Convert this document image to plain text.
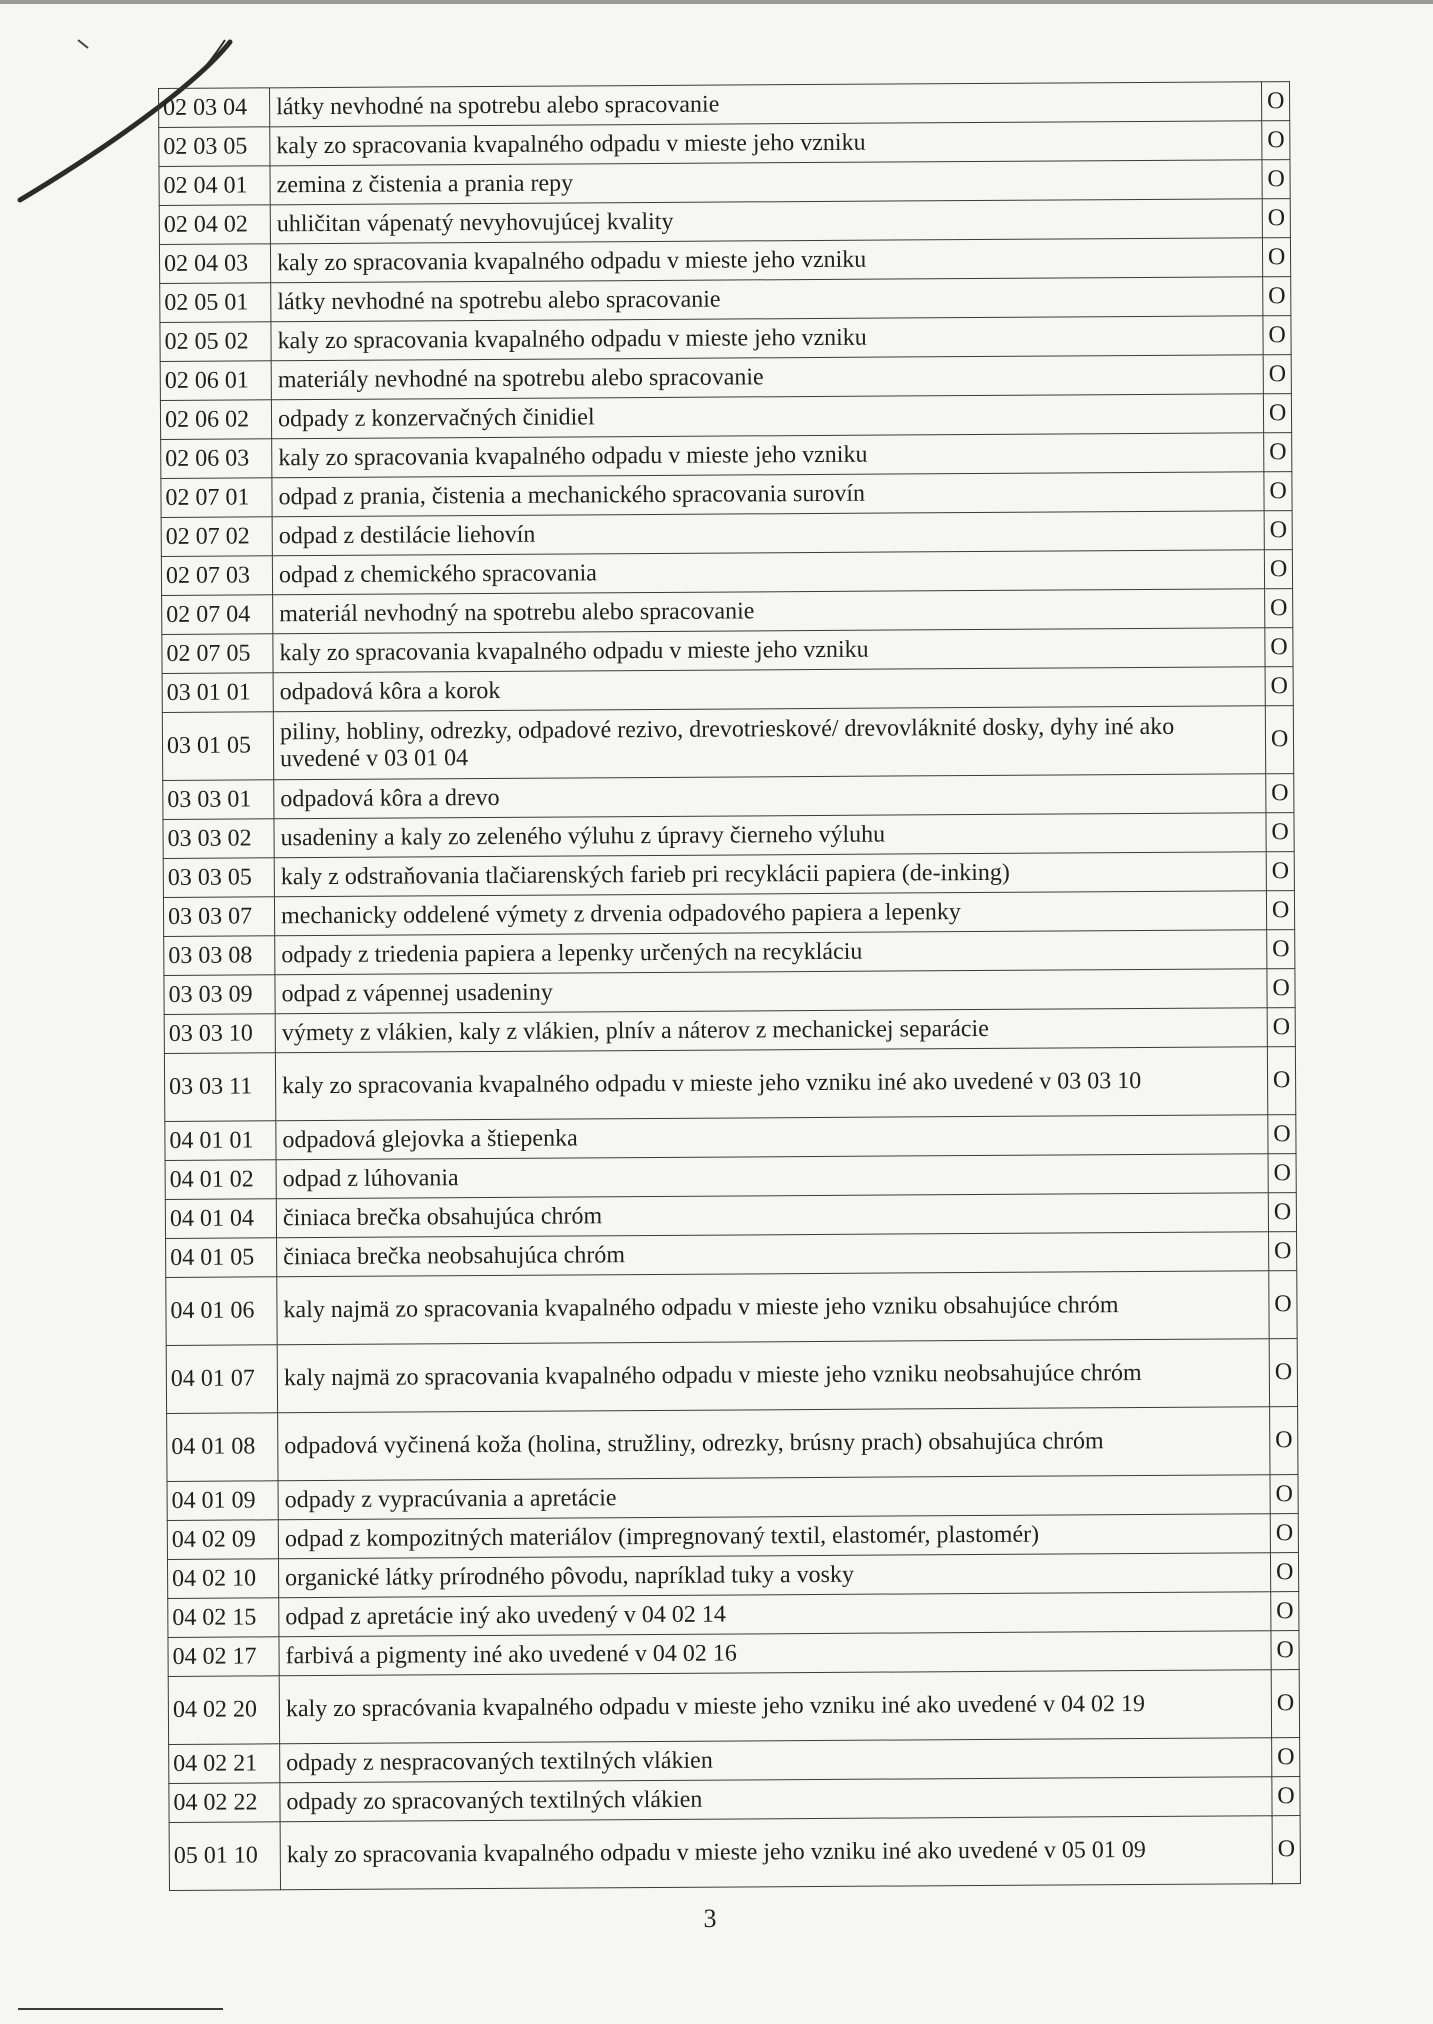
02 03 04	látky nevhodné na spotrebu alebo spracovanie	O
02 03 05	kaly zo spracovania kvapalného odpadu v mieste jeho vzniku	O
02 04 01	zemina z čistenia a prania repy	O
02 04 02	uhličitan vápenatý nevyhovujúcej kvality	O
02 04 03	kaly zo spracovania kvapalného odpadu v mieste jeho vzniku	O
02 05 01	látky nevhodné na spotrebu alebo spracovanie	O
02 05 02	kaly zo spracovania kvapalného odpadu v mieste jeho vzniku	O
02 06 01	materiály nevhodné na spotrebu alebo spracovanie	O
02 06 02	odpady z konzervačných činidiel	O
02 06 03	kaly zo spracovania kvapalného odpadu v mieste jeho vzniku	O
02 07 01	odpad z prania, čistenia a mechanického spracovania surovín	O
02 07 02	odpad z destilácie liehovín	O
02 07 03	odpad z chemického spracovania	O
02 07 04	materiál nevhodný na spotrebu alebo spracovanie	O
02 07 05	kaly zo spracovania kvapalného odpadu v mieste jeho vzniku	O
03 01 01	odpadová kôra a korok	O
03 01 05	piliny, hobliny, odrezky, odpadové rezivo, drevotrieskové/ drevovláknité dosky, dyhy iné ako uvedené v 03 01 04	O
03 03 01	odpadová kôra a drevo	O
03 03 02	usadeniny a kaly zo zeleného výluhu z úpravy čierneho výluhu	O
03 03 05	kaly z odstraňovania tlačiarenských farieb pri recyklácii papiera (de-inking)	O
03 03 07	mechanicky oddelené výmety z drvenia odpadového papiera a lepenky	O
03 03 08	odpady z triedenia papiera a lepenky určených na recykláciu	O
03 03 09	odpad z vápennej usadeniny	O
03 03 10	výmety z vlákien, kaly z vlákien, plnív a náterov z mechanickej separácie	O
03 03 11	kaly zo spracovania kvapalného odpadu v mieste jeho vzniku iné ako uvedené v 03 03 10	O
04 01 01	odpadová glejovka a štiepenka	O
04 01 02	odpad z lúhovania	O
04 01 04	činiaca brečka obsahujúca chróm	O
04 01 05	činiaca brečka neobsahujúca chróm	O
04 01 06	kaly najmä zo spracovania kvapalného odpadu v mieste jeho vzniku obsahujúce chróm	O
04 01 07	kaly najmä zo spracovania kvapalného odpadu v mieste jeho vzniku neobsahujúce chróm	O
04 01 08	odpadová vyčinená koža (holina, stružliny, odrezky, brúsny prach) obsahujúca chróm	O
04 01 09	odpady z vypracúvania a apretácie	O
04 02 09	odpad z kompozitných materiálov (impregnovaný textil, elastomér, plastomér)	O
04 02 10	organické látky prírodného pôvodu, napríklad tuky a vosky	O
04 02 15	odpad z apretácie iný ako uvedený v 04 02 14	O
04 02 17	farbivá a pigmenty iné ako uvedené v 04 02 16	O
04 02 20	kaly zo spracóvania kvapalného odpadu v mieste jeho vzniku iné ako uvedené v 04 02 19	O
04 02 21	odpady z nespracovaných textilných vlákien	O
04 02 22	odpady zo spracovaných textilných vlákien	O
05 01 10	kaly zo spracovania kvapalného odpadu v mieste jeho vzniku iné ako uvedené v 05 01 09	O
3
